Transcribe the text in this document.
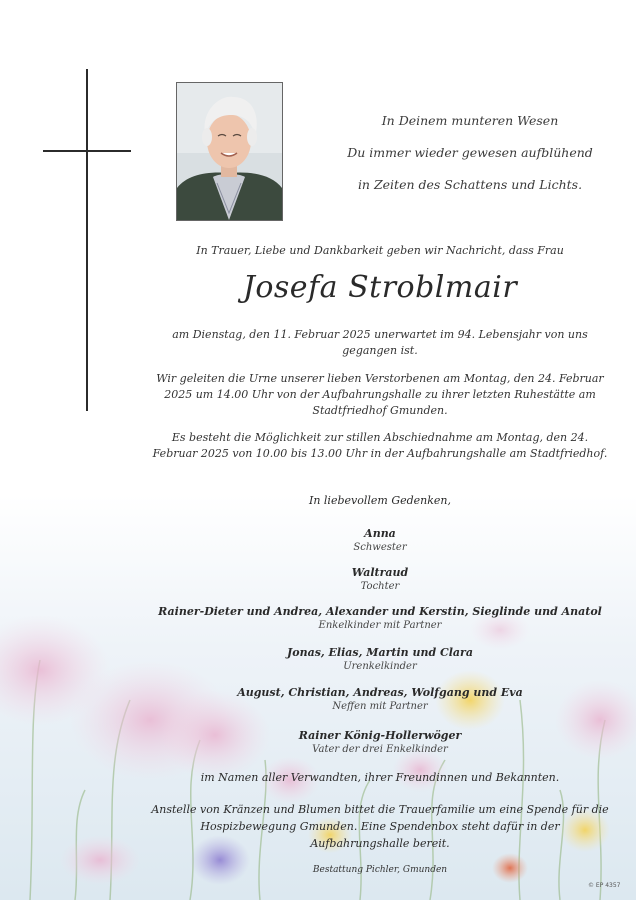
In Deinem munteren Wesen
Du immer wieder gewesen aufblühend
in Zeiten des Schattens und Lichts.
In Trauer, Liebe und Dankbarkeit geben wir Nachricht, dass Frau
Josefa Stroblmair
am Dienstag, den 11. Februar 2025 unerwartet im 94. Lebensjahr von uns gegangen ist.
Wir geleiten die Urne unserer lieben Verstorbenen am Montag, den 24. Februar 2025 um 14.00 Uhr von der Aufbahrungshalle zu ihrer letzten Ruhestätte am Stadtfriedhof Gmunden.
Es besteht die Möglichkeit zur stillen Abschiednahme am Montag, den 24. Februar 2025 von 10.00 bis 13.00 Uhr in der Aufbahrungshalle am Stadtfriedhof.
In liebevollem Gedenken,
Anna
Schwester
Waltraud
Tochter
Rainer-Dieter und Andrea, Alexander und Kerstin, Sieglinde und Anatol
Enkelkinder mit Partner
Jonas, Elias, Martin und Clara
Urenkelkinder
August, Christian, Andreas, Wolfgang und Eva
Neffen mit Partner
Rainer König-Hollerwöger
Vater der drei Enkelkinder
im Namen aller Verwandten, ihrer Freundinnen und Bekannten.
Anstelle von Kränzen und Blumen bittet die Trauerfamilie um eine Spende für die Hospizbewegung Gmunden. Eine Spendenbox steht dafür in der Aufbahrungshalle bereit.
Bestattung Pichler, Gmunden
© EP 4357
